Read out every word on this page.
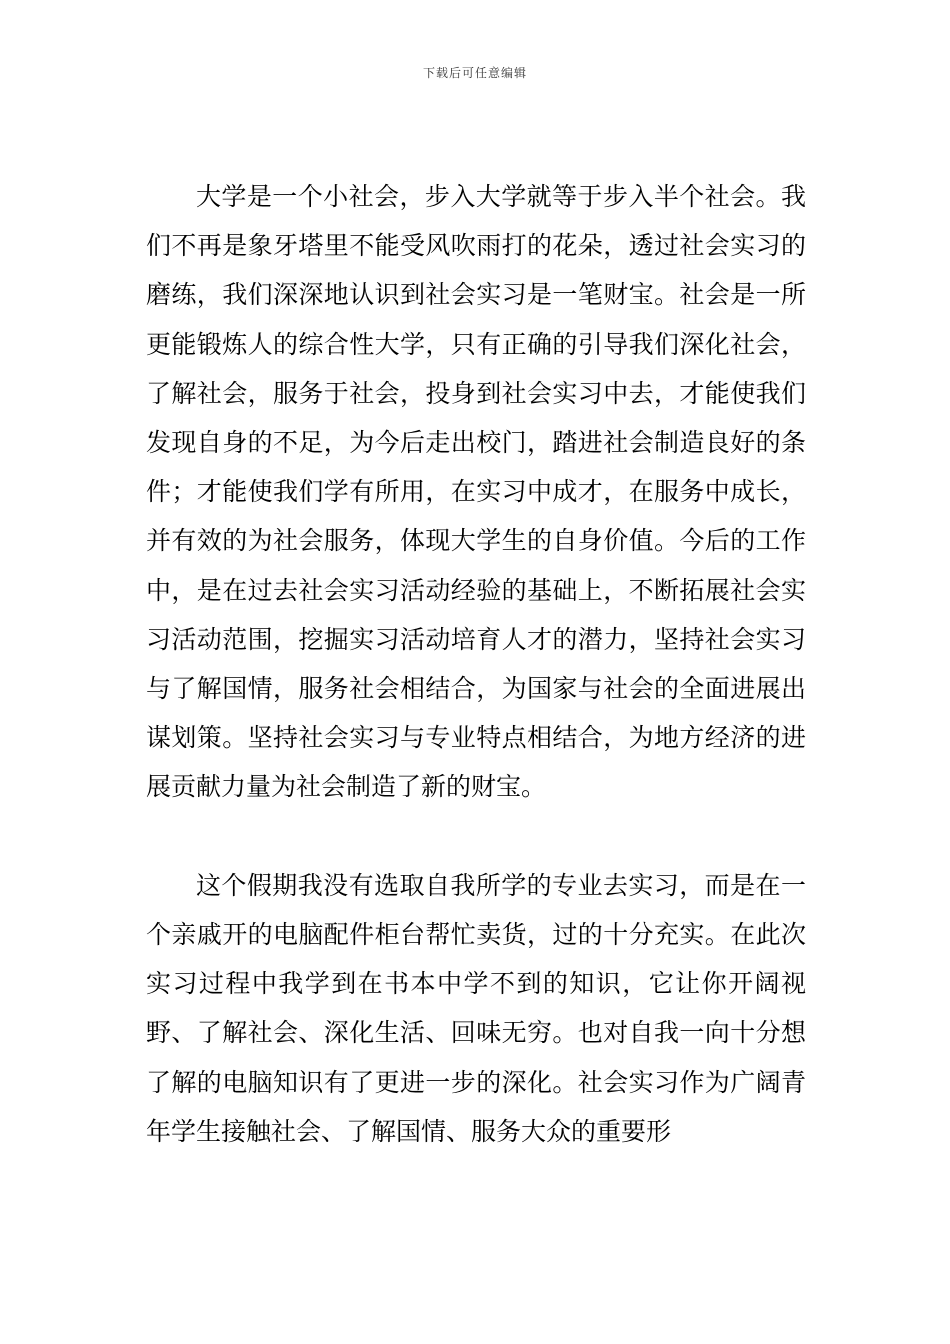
下载后可任意编辑

大学是一个小社会，步入大学就等于步入半个社会。我们不再是象牙塔里不能受风吹雨打的花朵，透过社会实习的磨练，我们深深地认识到社会实习是一笔财宝。社会是一所更能锻炼人的综合性大学，只有正确的引导我们深化社会，了解社会，服务于社会，投身到社会实习中去，才能使我们发现自身的不足，为今后走出校门，踏进社会制造良好的条件；才能使我们学有所用，在实习中成才，在服务中成长，并有效的为社会服务，体现大学生的自身价值。今后的工作中，是在过去社会实习活动经验的基础上，不断拓展社会实习活动范围，挖掘实习活动培育人才的潜力，坚持社会实习与了解国情，服务社会相结合，为国家与社会的全面进展出谋划策。坚持社会实习与专业特点相结合，为地方经济的进展贡献力量为社会制造了新的财宝。

这个假期我没有选取自我所学的专业去实习，而是在一个亲戚开的电脑配件柜台帮忙卖货，过的十分充实。在此次实习过程中我学到在书本中学不到的知识，它让你开阔视野、了解社会、深化生活、回味无穷。也对自我一向十分想了解的电脑知识有了更进一步的深化。社会实习作为广阔青年学生接触社会、了解国情、服务大众的重要形
